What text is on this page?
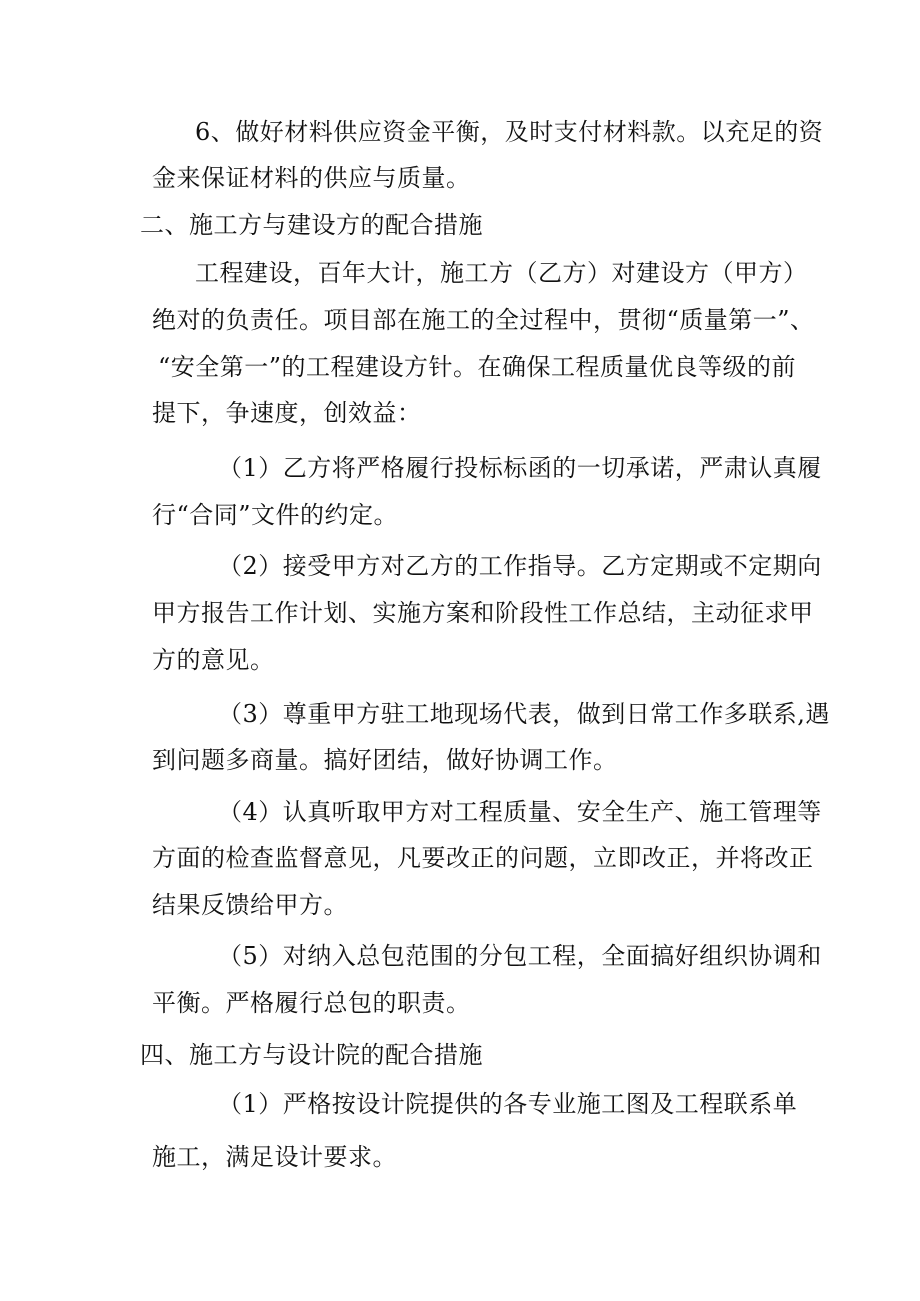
6、做好材料供应资金平衡，及时支付材料款。以充足的资
金来保证材料的供应与质量。
二、施工方与建设方的配合措施
工程建设，百年大计，施工方（乙方）对建设方（甲方）
绝对的负责任。项目部在施工的全过程中，贯彻“质量第一”、
“安全第一”的工程建设方针。在确保工程质量优良等级的前
提下，争速度，创效益：
（1）乙方将严格履行投标标函的一切承诺，严肃认真履
行“合同”文件的约定。
（2）接受甲方对乙方的工作指导。乙方定期或不定期向
甲方报告工作计划、实施方案和阶段性工作总结，主动征求甲
方的意见。
（3）尊重甲方驻工地现场代表，做到日常工作多联系,遇
到问题多商量。搞好团结，做好协调工作。
（4）认真听取甲方对工程质量、安全生产、施工管理等
方面的检查监督意见，凡要改正的问题，立即改正，并将改正
结果反馈给甲方。
（5）对纳入总包范围的分包工程，全面搞好组织协调和
平衡。严格履行总包的职责。
四、施工方与设计院的配合措施
（1）严格按设计院提供的各专业施工图及工程联系单
施工，满足设计要求。
